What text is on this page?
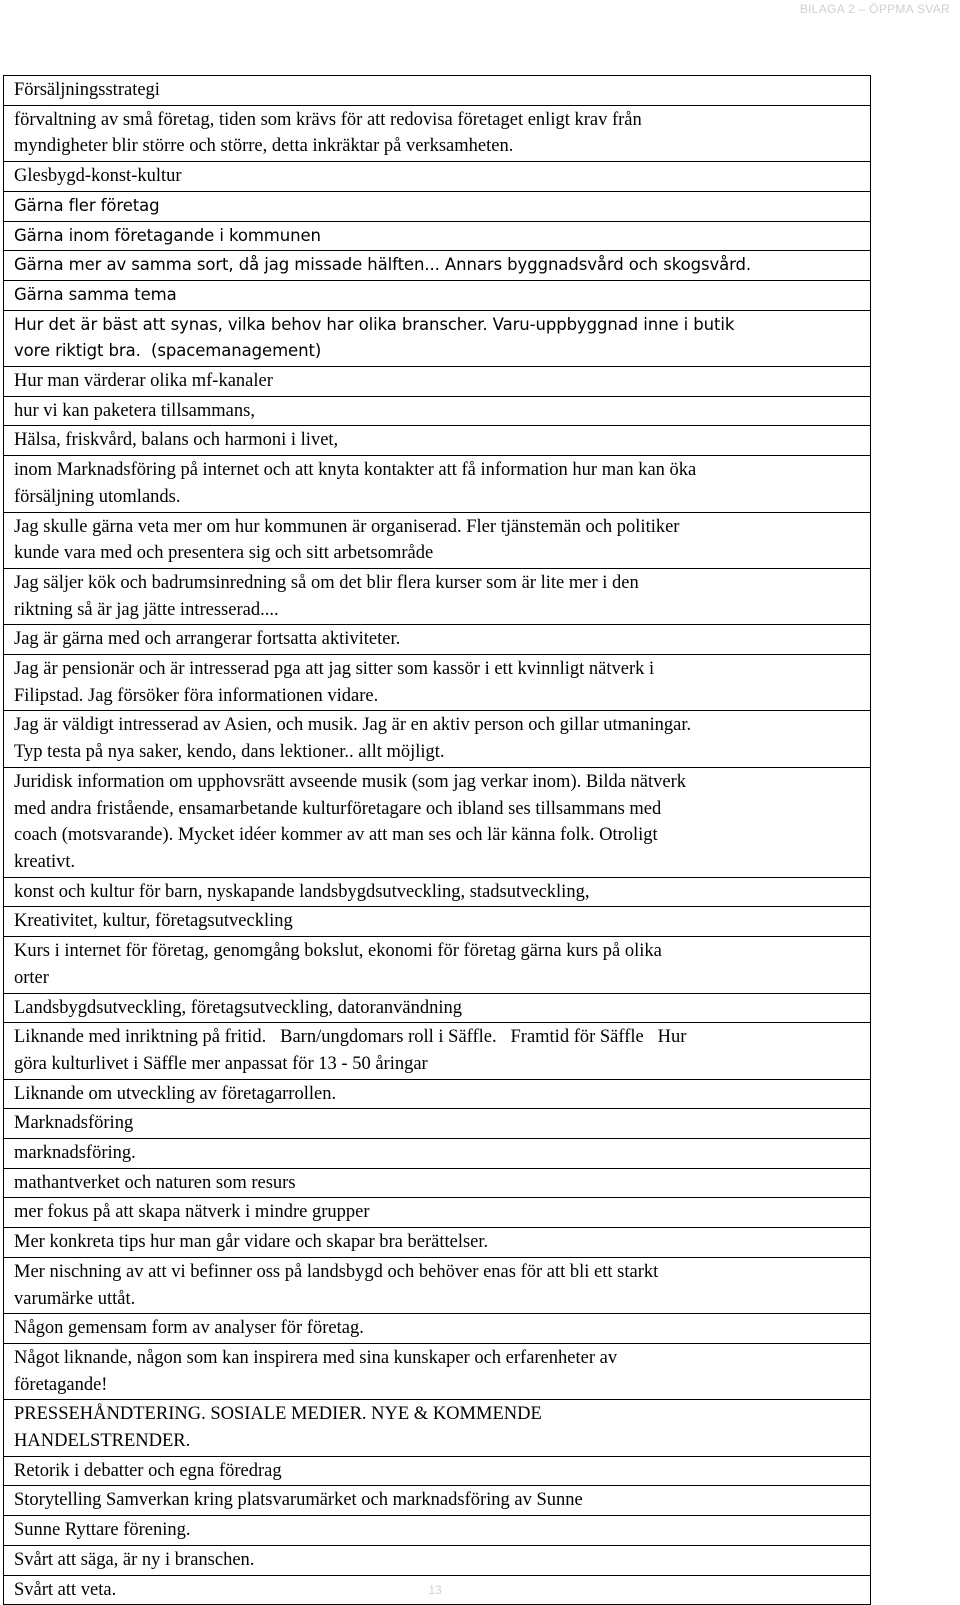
BILAGA 2 – ÖPPMA SVAR
Försäljningsstrategi
förvaltning av små företag, tiden som krävs för att redovisa företaget enligt krav från
myndigheter blir större och större, detta inkräktar på verksamheten.
Glesbygd-konst-kultur
Gärna fler företag
Gärna inom företagande i kommunen
Gärna mer av samma sort, då jag missade hälften... Annars byggnadsvård och skogsvård.
Gärna samma tema
Hur det är bäst att synas, vilka behov har olika branscher. Varu-uppbyggnad inne i butik
vore riktigt bra.  (spacemanagement)
Hur man värderar olika mf-kanaler
hur vi kan paketera tillsammans,
Hälsa, friskvård, balans och harmoni i livet,
inom Marknadsföring på internet och att knyta kontakter att få information hur man kan öka
försäljning utomlands.
Jag skulle gärna veta mer om hur kommunen är organiserad. Fler tjänstemän och politiker
kunde vara med och presentera sig och sitt arbetsområde
Jag säljer kök och badrumsinredning så om det blir flera kurser som är lite mer i den
riktning så är jag jätte intresserad....
Jag är gärna med och arrangerar fortsatta aktiviteter.
Jag är pensionär och är intresserad pga att jag sitter som kassör i ett kvinnligt nätverk i
Filipstad. Jag försöker föra informationen vidare.
Jag är väldigt intresserad av Asien, och musik. Jag är en aktiv person och gillar utmaningar.
Typ testa på nya saker, kendo, dans lektioner.. allt möjligt.
Juridisk information om upphovsrätt avseende musik (som jag verkar inom). Bilda nätverk
med andra fristående, ensamarbetande kulturföretagare och ibland ses tillsammans med
coach (motsvarande). Mycket idéer kommer av att man ses och lär känna folk. Otroligt
kreativt.
konst och kultur för barn, nyskapande landsbygdsutveckling, stadsutveckling,
Kreativitet, kultur, företagsutveckling
Kurs i internet för företag, genomgång bokslut, ekonomi för företag gärna kurs på olika
orter
Landsbygdsutveckling, företagsutveckling, datoranvändning
Liknande med inriktning på fritid.   Barn/ungdomars roll i Säffle.   Framtid för Säffle   Hur
göra kulturlivet i Säffle mer anpassat för 13 - 50 åringar
Liknande om utveckling av företagarrollen.
Marknadsföring
marknadsföring.
mathantverket och naturen som resurs
mer fokus på att skapa nätverk i mindre grupper
Mer konkreta tips hur man går vidare och skapar bra berättelser.
Mer nischning av att vi befinner oss på landsbygd och behöver enas för att bli ett starkt
varumärke uttåt.
Någon gemensam form av analyser för företag.
Något liknande, någon som kan inspirera med sina kunskaper och erfarenheter av
företagande!
PRESSEHÅNDTERING. SOSIALE MEDIER. NYE & KOMMENDE
HANDELSTRENDER.
Retorik i debatter och egna föredrag
Storytelling Samverkan kring platsvarumärket och marknadsföring av Sunne
Sunne Ryttare förening.
Svårt att säga, är ny i branschen.
Svårt att veta.	13
